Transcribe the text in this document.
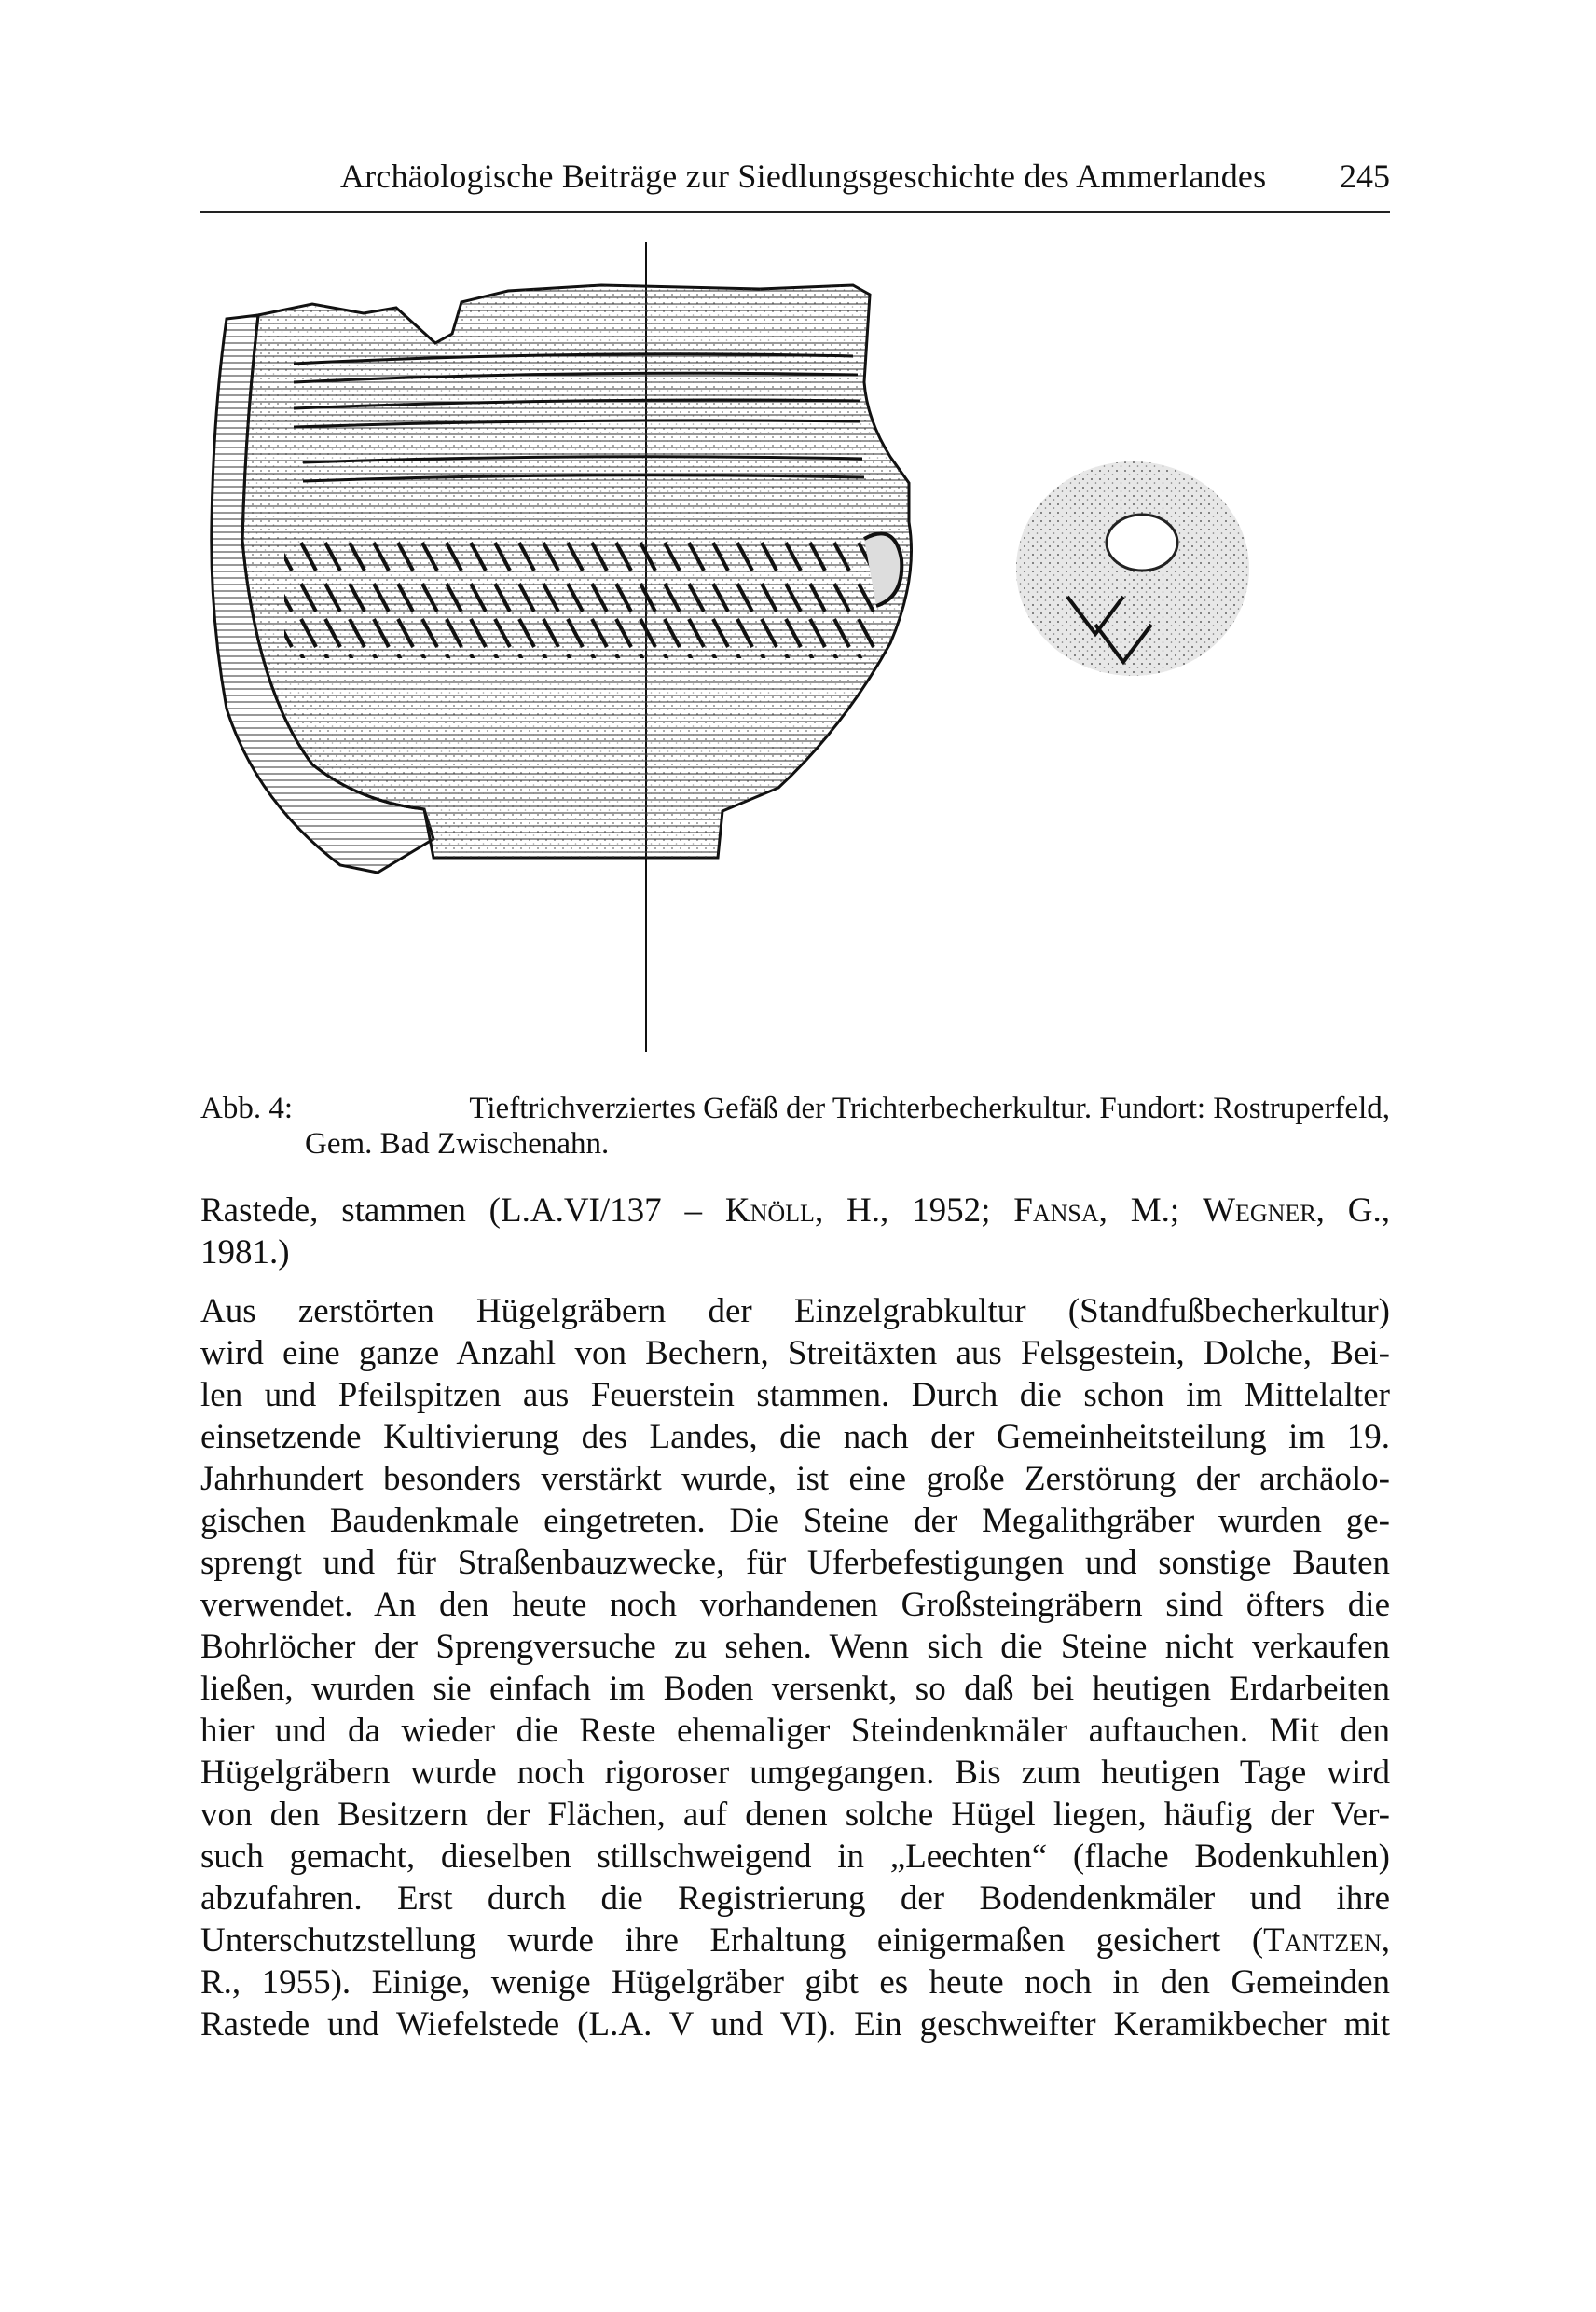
Archäologische Beiträge zur Siedlungsgeschichte des Ammerlandes 245
Abb. 4:	Tieftrichverziertes Gefäß der Trichterbecherkultur. Fundort: Rostruperfeld,
Gem. Bad Zwischenahn.

Rastede, stammen (L.A.VI/137 – Knöll, H., 1952; Fansa, M.; Wegner, G.,
1981.)

Aus zerstörten Hügelgräbern der Einzelgrabkultur (Standfußbecherkultur)
wird eine ganze Anzahl von Bechern, Streitäxten aus Felsgestein, Dolche, Bei-
len und Pfeilspitzen aus Feuerstein stammen. Durch die schon im Mittelalter
einsetzende Kultivierung des Landes, die nach der Gemeinheitsteilung im 19.
Jahrhundert besonders verstärkt wurde, ist eine große Zerstörung der archäolo-
gischen Baudenkmale eingetreten. Die Steine der Megalithgräber wurden ge-
sprengt und für Straßenbauzwecke, für Uferbefestigungen und sonstige Bauten
verwendet. An den heute noch vorhandenen Großsteingräbern sind öfters die
Bohrlöcher der Sprengversuche zu sehen. Wenn sich die Steine nicht verkaufen
ließen, wurden sie einfach im Boden versenkt, so daß bei heutigen Erdarbeiten
hier und da wieder die Reste ehemaliger Steindenkmäler auftauchen. Mit den
Hügelgräbern wurde noch rigoroser umgegangen. Bis zum heutigen Tage wird
von den Besitzern der Flächen, auf denen solche Hügel liegen, häufig der Ver-
such gemacht, dieselben stillschweigend in „Leechten“ (flache Bodenkuhlen)
abzufahren. Erst durch die Registrierung der Bodendenkmäler und ihre
Unterschutzstellung wurde ihre Erhaltung einigermaßen gesichert (Tantzen,
R., 1955). Einige, wenige Hügelgräber gibt es heute noch in den Gemeinden
Rastede und Wiefelstede (L.A. V und VI). Ein geschweifter Keramikbecher mit
